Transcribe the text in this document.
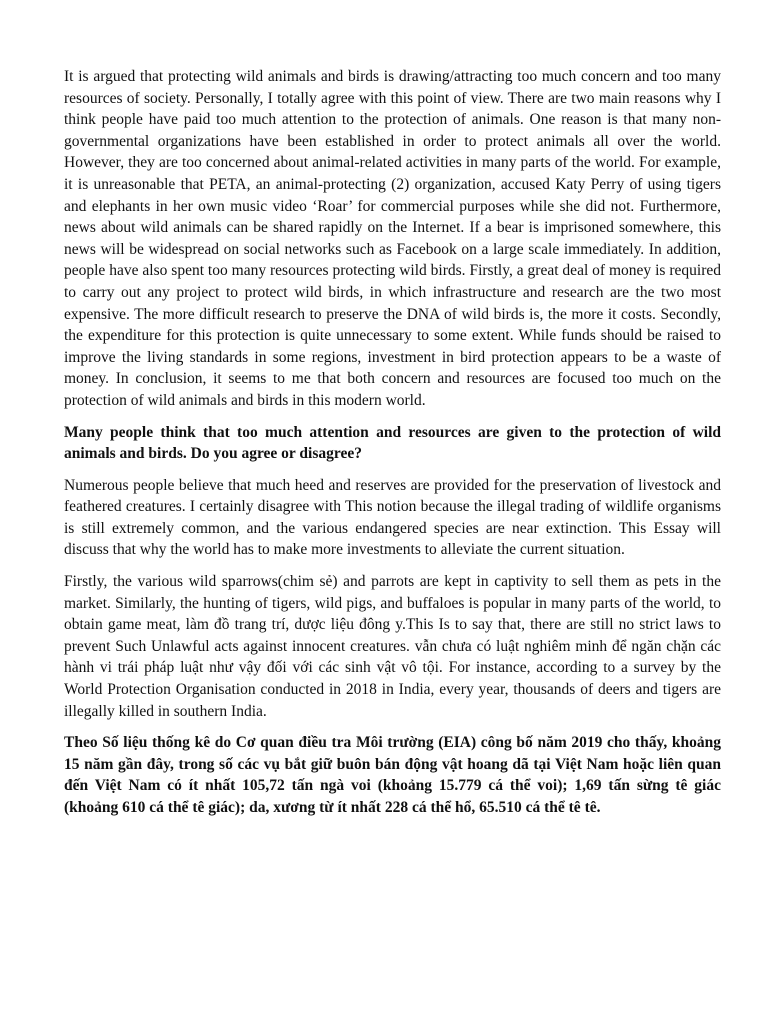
It is argued that protecting wild animals and birds is drawing/attracting too much concern and too many resources of society. Personally, I totally agree with this point of view. There are two main reasons why I think people have paid too much attention to the protection of animals. One reason is that many non-governmental organizations have been established in order to protect animals all over the world. However, they are too concerned about animal-related activities in many parts of the world. For example, it is unreasonable that PETA, an animal-protecting (2) organization, accused Katy Perry of using tigers and elephants in her own music video ‘Roar’ for commercial purposes while she did not. Furthermore, news about wild animals can be shared rapidly on the Internet. If a bear is imprisoned somewhere, this news will be widespread on social networks such as Facebook on a large scale immediately. In addition, people have also spent too many resources protecting wild birds. Firstly, a great deal of money is required to carry out any project to protect wild birds, in which infrastructure and research are the two most expensive. The more difficult research to preserve the DNA of wild birds is, the more it costs. Secondly, the expenditure for this protection is quite unnecessary to some extent. While funds should be raised to improve the living standards in some regions, investment in bird protection appears to be a waste of money. In conclusion, it seems to me that both concern and resources are focused too much on the protection of wild animals and birds in this modern world.

Many people think that too much attention and resources are given to the protection of wild animals and birds. Do you agree or disagree?

Numerous people believe that much heed and reserves are provided for the preservation of livestock and feathered creatures. I certainly disagree with This notion because the illegal trading of wildlife organisms is still extremely common, and the various endangered species are near extinction. This Essay will discuss that why the world has to make more investments to alleviate the current situation.

Firstly, the various wild sparrows(chim sẻ) and parrots are kept in captivity to sell them as pets in the market. Similarly, the hunting of tigers, wild pigs, and buffaloes is popular in many parts of the world, to obtain game meat, làm đồ trang trí, dược liệu đông y.This Is to say that, there are still no strict laws to prevent Such Unlawful acts against innocent creatures. vẫn chưa có luật nghiêm minh để ngăn chặn các hành vi trái pháp luật như vậy đối với các sinh vật vô tội. For instance, according to a survey by the World Protection Organisation conducted in 2018 in India, every year, thousands of deers and tigers are illegally killed in southern India.

Theo Số liệu thống kê do Cơ quan điều tra Môi trường (EIA) công bố năm 2019 cho thấy, khoảng 15 năm gần đây, trong số các vụ bắt giữ buôn bán động vật hoang dã tại Việt Nam hoặc liên quan đến Việt Nam có ít nhất 105,72 tấn ngà voi (khoảng 15.779 cá thể voi); 1,69 tấn sừng tê giác (khoảng 610 cá thể tê giác); da, xương từ ít nhất 228 cá thể hổ, 65.510 cá thể tê tê.
